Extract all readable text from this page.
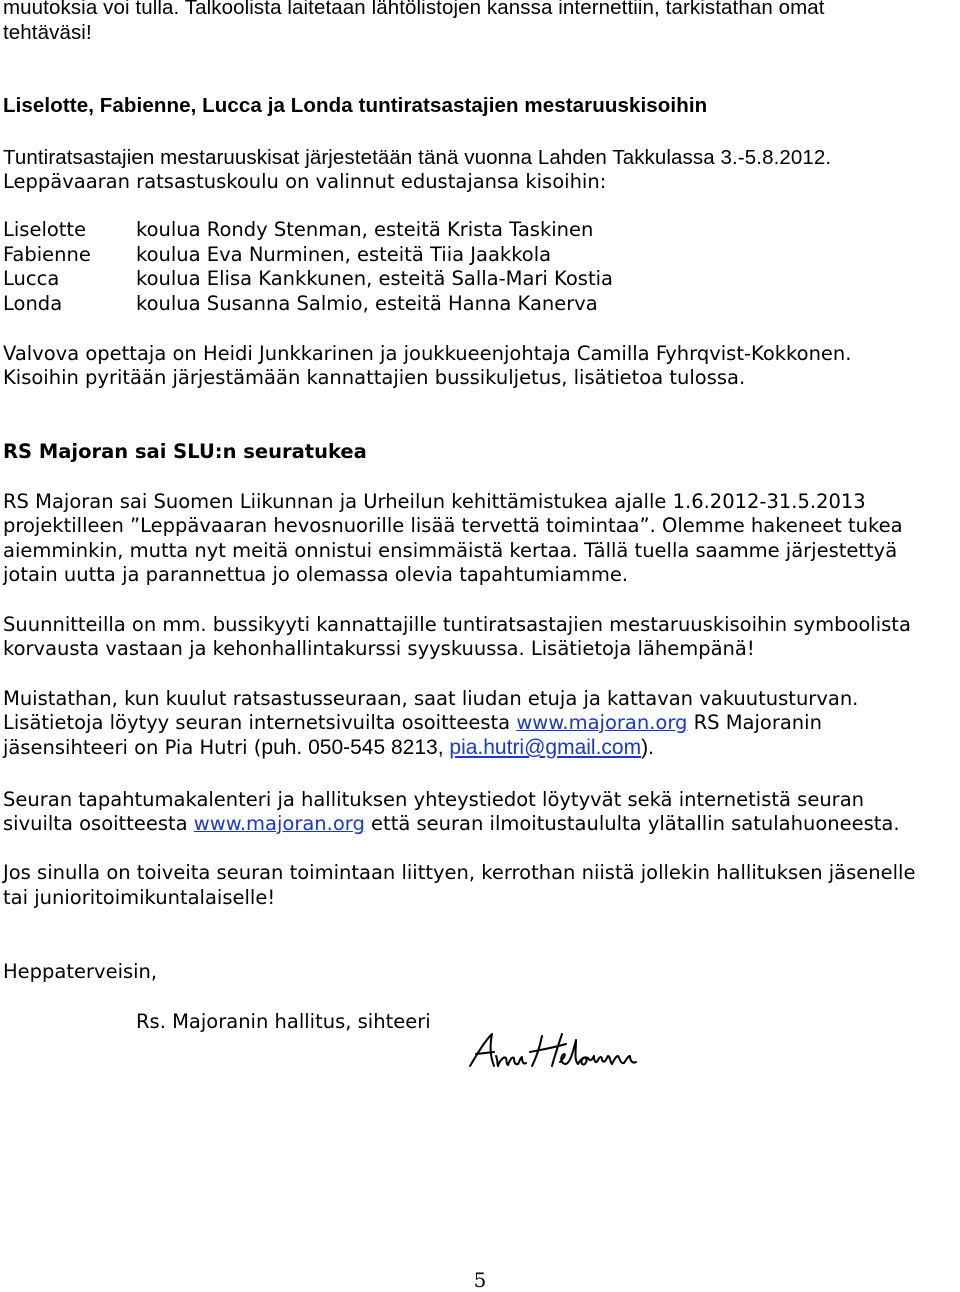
muutoksia voi tulla. Talkoolista laitetaan lähtölistojen kanssa internettiin, tarkistathan omat
tehtäväsi!
Liselotte, Fabienne, Lucca ja Londa tuntiratsastajien mestaruuskisoihin
Tuntiratsastajien mestaruuskisat järjestetään tänä vuonna Lahden Takkulassa 3.-5.8.2012.
Leppävaaran ratsastuskoulu on valinnut edustajansa kisoihin:
Liselotte	koulua Rondy Stenman, esteitä Krista Taskinen
Fabienne koulua Eva Nurminen, esteitä Tiia Jaakkola
Lucca	koulua Elisa Kankkunen, esteitä Salla-Mari Kostia
Londa	koulua Susanna Salmio, esteitä Hanna Kanerva
Valvova opettaja on Heidi Junkkarinen ja joukkueenjohtaja Camilla Fyhrqvist-Kokkonen.
Kisoihin pyritään järjestämään kannattajien bussikuljetus, lisätietoa tulossa.
RS Majoran sai SLU:n seuratukea
RS Majoran sai Suomen Liikunnan ja Urheilun kehittämistukea ajalle 1.6.2012-31.5.2013
projektilleen ”Leppävaaran hevosnuorille lisää tervettä toimintaa”. Olemme hakeneet tukea
aiemminkin, mutta nyt meitä onnistui ensimmäistä kertaa. Tällä tuella saamme järjestettyä
jotain uutta ja parannettua jo olemassa olevia tapahtumiamme.
Suunnitteilla on mm. bussikyyti kannattajille tuntiratsastajien mestaruuskisoihin symboolista
korvausta vastaan ja kehonhallintakurssi syyskuussa. Lisätietoja lähempänä!
Muistathan, kun kuulut ratsastusseuraan, saat liudan etuja ja kattavan vakuutusturvan.
Lisätietoja löytyy seuran internetsivuilta osoitteesta www.majoran.org RS Majoranin
jäsensihteeri on Pia Hutri (puh. 050-545 8213, pia.hutri@gmail.com).
Seuran tapahtumakalenteri ja hallituksen yhteystiedot löytyvät sekä internetistä seuran
sivuilta osoitteesta www.majoran.org että seuran ilmoitustaululta ylätallin satulahuoneesta.
Jos sinulla on toiveita seuran toimintaan liittyen, kerrothan niistä jollekin hallituksen jäsenelle
tai junioritoimikuntalaiselle!
Heppaterveisin,
Rs. Majoranin hallitus, sihteeri
5
